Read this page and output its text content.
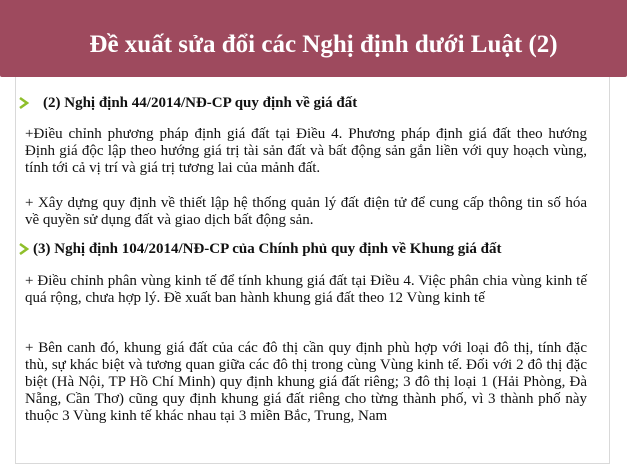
Đề xuất sửa đổi các Nghị định dưới Luật (2)
(2) Nghị định 44/2014/NĐ-CP quy định về giá đất
+Điều chỉnh phương pháp định giá đất tại Điều 4. Phương pháp định giá đất theo hướng Định giá độc lập theo hướng giá trị tài sản đất và bất động sản gắn liền với quy hoạch vùng, tính tới cả vị trí và giá trị tương lai của mảnh đất.
+ Xây dựng quy định về thiết lập hệ thống quản lý đất điện tử để cung cấp thông tin số hóa về quyền sử dụng đất và giao dịch bất động sản.
(3) Nghị định 104/2014/NĐ-CP của Chính phủ quy định về Khung giá đất
+ Điều chỉnh phân vùng kinh tế để tính khung giá đất tại Điều 4. Việc phân chia vùng kinh tế quá rộng, chưa hợp lý. Đề xuất ban hành khung giá đất theo 12 Vùng kinh tế
+ Bên canh đó, khung giá đất của các đô thị cần quy định phù hợp với loại đô thị, tính đặc thù, sự khác biệt và tương quan giữa các đô thị trong cùng Vùng kinh tế. Đối với 2 đô thị đặc biệt (Hà Nội, TP Hồ Chí Minh) quy định khung giá đất riêng; 3 đô thị loại 1 (Hải Phòng, Đà Nẵng, Cần Thơ) cũng quy định khung giá đất riêng cho từng thành phố, vì 3 thành phố này thuộc 3 Vùng kinh tế khác nhau tại 3 miền Bắc, Trung, Nam
